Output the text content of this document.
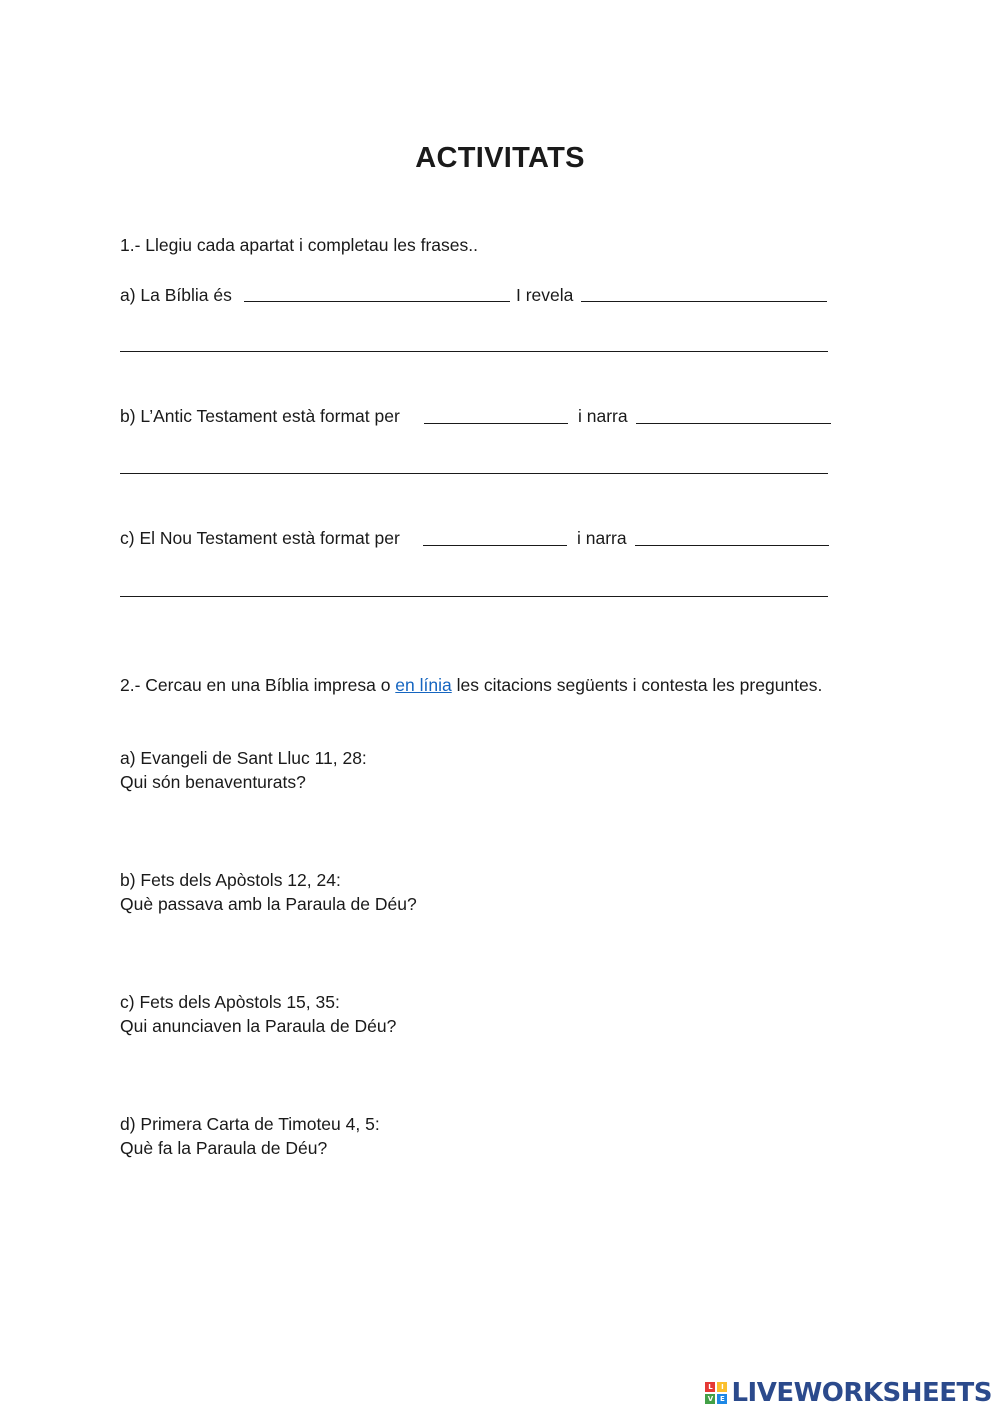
ACTIVITATS
1.- Llegiu cada apartat i completau les frases..
a) La Bíblia és	I revela
b) L’Antic Testament està format per	i narra
c) El Nou Testament està format per	i narra
2.- Cercau en una Bíblia impresa o en línia les citacions següents i contesta les preguntes.
a) Evangeli de Sant Lluc 11, 28:
Qui són benaventurats?
b) Fets dels Apòstols 12, 24:
Què passava amb la Paraula de Déu?
c) Fets dels Apòstols 15, 35:
Qui anunciaven la Paraula de Déu?
d) Primera Carta de Timoteu 4, 5:
Què fa la Paraula de Déu?
L	I
V E LIVEWORKSHEETS
